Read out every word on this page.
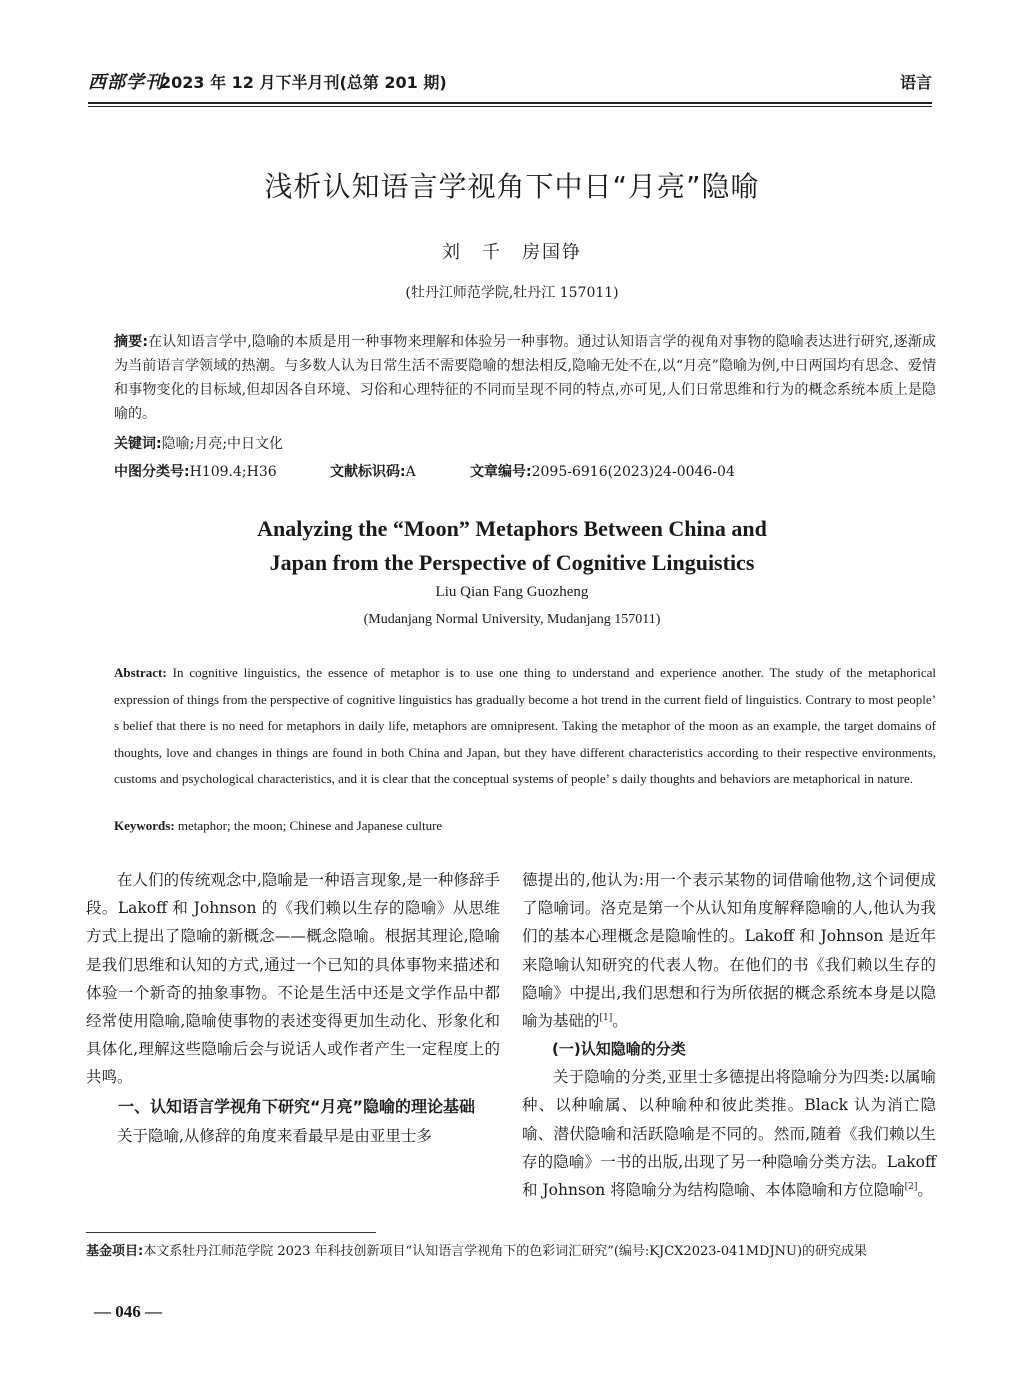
西部学刊
2023 年 12 月下半月刊(总第 201 期)	语言
浅析认知语言学视角下中日“月亮”隐喻
刘　千　房国铮
(牡丹江师范学院,牡丹江 157011)
摘要:在认知语言学中,隐喻的本质是用一种事物来理解和体验另一种事物。通过认知语言学的视角对事物的隐喻表达进行研究,逐渐成为当前语言学领域的热潮。与多数人认为日常生活不需要隐喻的想法相反,隐喻无处不在,以“月亮”隐喻为例,中日两国均有思念、爱情和事物变化的目标域,但却因各自环境、习俗和心理特征的不同而呈现不同的特点,亦可见,人们日常思维和行为的概念系统本质上是隐喻的。
关键词:隐喻;月亮;中日文化
中图分类号:H109.4;H36	文献标识码:A	文章编号:2095-6916(2023)24-0046-04
Analyzing the “Moon” Metaphors Between China and
Japan from the Perspective of Cognitive Linguistics
Liu Qian Fang Guozheng
(Mudanjang Normal University, Mudanjang 157011)
Abstract: In cognitive linguistics, the essence of metaphor is to use one thing to understand and experience another. The study of the metaphorical expression of things from the perspective of cognitive linguistics has gradually become a hot trend in the current field of linguistics. Contrary to most people’ s belief that there is no need for metaphors in daily life, metaphors are omnipresent. Taking the metaphor of the moon as an example, the target domains of thoughts, love and changes in things are found in both China and Japan, but they have different characteristics according to their respective environments, customs and psychological characteristics, and it is clear that the conceptual systems of people’ s daily thoughts and behaviors are metaphorical in nature.
Keywords: metaphor; the moon; Chinese and Japanese culture

在人们的传统观念中,隐喻是一种语言现象,是一种修辞手段。Lakoff 和 Johnson 的《我们赖以生存的隐喻》从思维方式上提出了隐喻的新概念——概念隐喻。根据其理论,隐喻是我们思维和认知的方式,通过一个已知的具体事物来描述和体验一个新奇的抽象事物。不论是生活中还是文学作品中都经常使用隐喻,隐喻使事物的表述变得更加生动化、形象化和具体化,理解这些隐喻后会与说话人或作者产生一定程度上的共鸣。

一、认知语言学视角下研究“月亮”隐喻的理论基础

关于隐喻,从修辞的角度来看最早是由亚里士多

德提出的,他认为:用一个表示某物的词借喻他物,这个词便成了隐喻词。洛克是第一个从认知角度解释隐喻的人,他认为我们的基本心理概念是隐喻性的。Lakoff 和 Johnson 是近年来隐喻认知研究的代表人物。在他们的书《我们赖以生存的隐喻》中提出,我们思想和行为所依据的概念系统本身是以隐喻为基础的[1]。

(一)认知隐喻的分类

关于隐喻的分类,亚里士多德提出将隐喻分为四类:以属喻种、以种喻属、以种喻种和彼此类推。Black 认为消亡隐喻、潜伏隐喻和活跃隐喻是不同的。然而,随着《我们赖以生存的隐喻》一书的出版,出现了另一种隐喻分类方法。Lakoff 和 Johnson 将隐喻分为结构隐喻、本体隐喻和方位隐喻[2]。

基金项目:本文系牡丹江师范学院 2023 年科技创新项目“认知语言学视角下的色彩词汇研究”(编号:KJCX2023-041MDJNU)的研究成果
— 046 —
